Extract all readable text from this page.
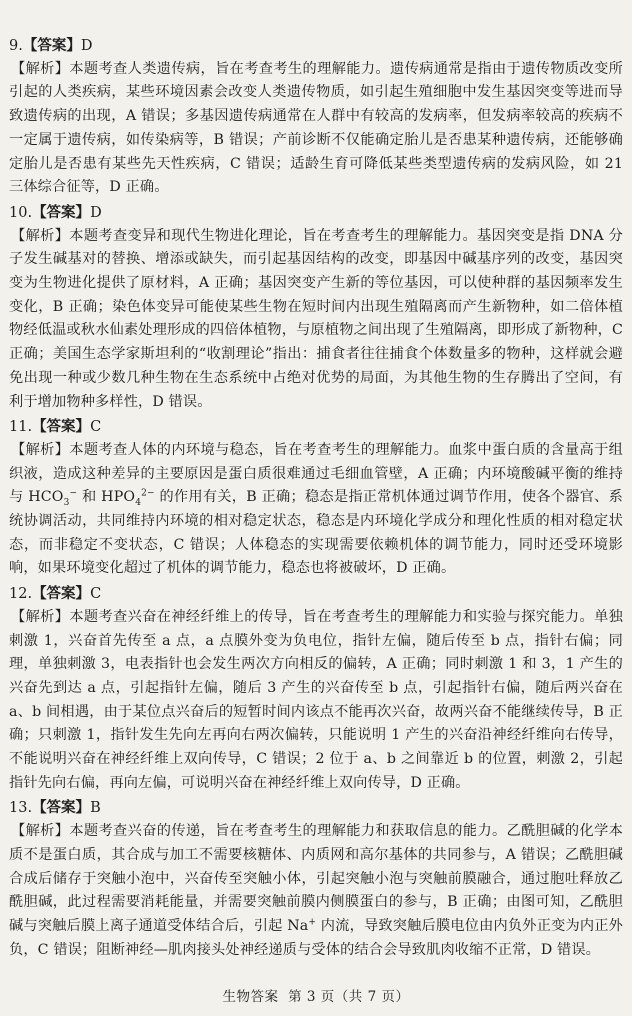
9.【答案】D

【解析】本题考查人类遗传病，旨在考查考生的理解能力。遗传病通常是指由于遗传物质改变所引起的人类疾病，某些环境因素会改变人类遗传物质，如引起生殖细胞中发生基因突变等进而导致遗传病的出现，A 错误；多基因遗传病通常在人群中有较高的发病率，但发病率较高的疾病不一定属于遗传病，如传染病等，B 错误；产前诊断不仅能确定胎儿是否患某种遗传病，还能够确定胎儿是否患有某些先天性疾病，C 错误；适龄生育可降低某些类型遗传病的发病风险，如 21 三体综合征等，D 正确。

10.【答案】D

【解析】本题考查变异和现代生物进化理论，旨在考查考生的理解能力。基因突变是指 DNA 分子发生碱基对的替换、增添或缺失，而引起基因结构的改变，即基因中碱基序列的改变，基因突变为生物进化提供了原材料，A 正确；基因突变产生新的等位基因，可以使种群的基因频率发生变化，B 正确；染色体变异可能使某些生物在短时间内出现生殖隔离而产生新物种，如二倍体植物经低温或秋水仙素处理形成的四倍体植物，与原植物之间出现了生殖隔离，即形成了新物种，C 正确；美国生态学家斯坦利的“收割理论”指出：捕食者往往捕食个体数量多的物种，这样就会避免出现一种或少数几种生物在生态系统中占绝对优势的局面，为其他生物的生存腾出了空间，有利于增加物种多样性，D 错误。

11.【答案】C

【解析】本题考查人体的内环境与稳态，旨在考查考生的理解能力。血浆中蛋白质的含量高于组织液，造成这种差异的主要原因是蛋白质很难通过毛细血管壁，A 正确；内环境酸碱平衡的维持与 $HCO_3^-$ 和 $HPO_4^{2-}$ 的作用有关，B 正确；稳态是指正常机体通过调节作用，使各个器官、系统协调活动，共同维持内环境的相对稳定状态，稳态是内环境化学成分和理化性质的相对稳定状态，而非稳定不变状态，C 错误；人体稳态的实现需要依赖机体的调节能力，同时还受环境影响，如果环境变化超过了机体的调节能力，稳态也将被破坏，D 正确。

12.【答案】C

【解析】本题考查兴奋在神经纤维上的传导，旨在考查考生的理解能力和实验与探究能力。单独刺激 1，兴奋首先传至 a 点，a 点膜外变为负电位，指针左偏，随后传至 b 点，指针右偏；同理，单独刺激 3，电表指针也会发生两次方向相反的偏转，A 正确；同时刺激 1 和 3，1 产生的兴奋先到达 a 点，引起指针左偏，随后 3 产生的兴奋传至 b 点，引起指针右偏，随后两兴奋在 a、b 间相遇，由于某位点兴奋后的短暂时间内该点不能再次兴奋，故两兴奋不能继续传导，B 正确；只刺激 1，指针发生先向左再向右两次偏转，只能说明 1 产生的兴奋沿神经纤维向右传导，不能说明兴奋在神经纤维上双向传导，C 错误；2 位于 a、b 之间靠近 b 的位置，刺激 2，引起指针先向右偏，再向左偏，可说明兴奋在神经纤维上双向传导，D 正确。

13.【答案】B

【解析】本题考查兴奋的传递，旨在考查考生的理解能力和获取信息的能力。乙酰胆碱的化学本质不是蛋白质，其合成与加工不需要核糖体、内质网和高尔基体的共同参与，A 错误；乙酰胆碱合成后储存于突触小泡中，兴奋传至突触小体，引起突触小泡与突触前膜融合，通过胞吐释放乙酰胆碱，此过程需要消耗能量，并需要突触前膜内侧膜蛋白的参与，B 正确；由图可知，乙酰胆碱与突触后膜上离子通道受体结合后，引起 Na+ 内流，导致突触后膜电位由内负外正变为内正外负，C 错误；阻断神经—肌肉接头处神经递质与受体的结合会导致肌肉收缩不正常，D 错误。

生物答案 第 3 页（共 7 页）
